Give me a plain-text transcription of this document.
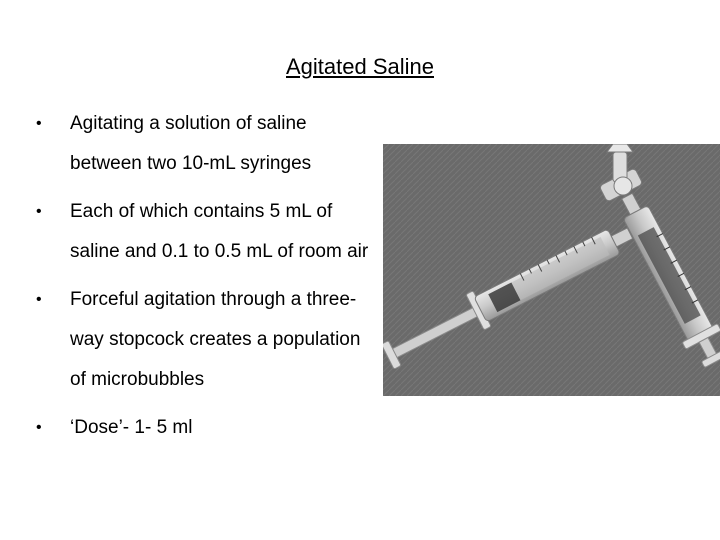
Agitated Saline
• Agitating a solution of saline between two 10-mL syringes
• Each of which contains 5 mL of saline and 0.1 to 0.5 mL of room air
• Forceful agitation through a three-way stopcock creates a population of microbubbles
• ‘Dose’- 1- 5 ml
